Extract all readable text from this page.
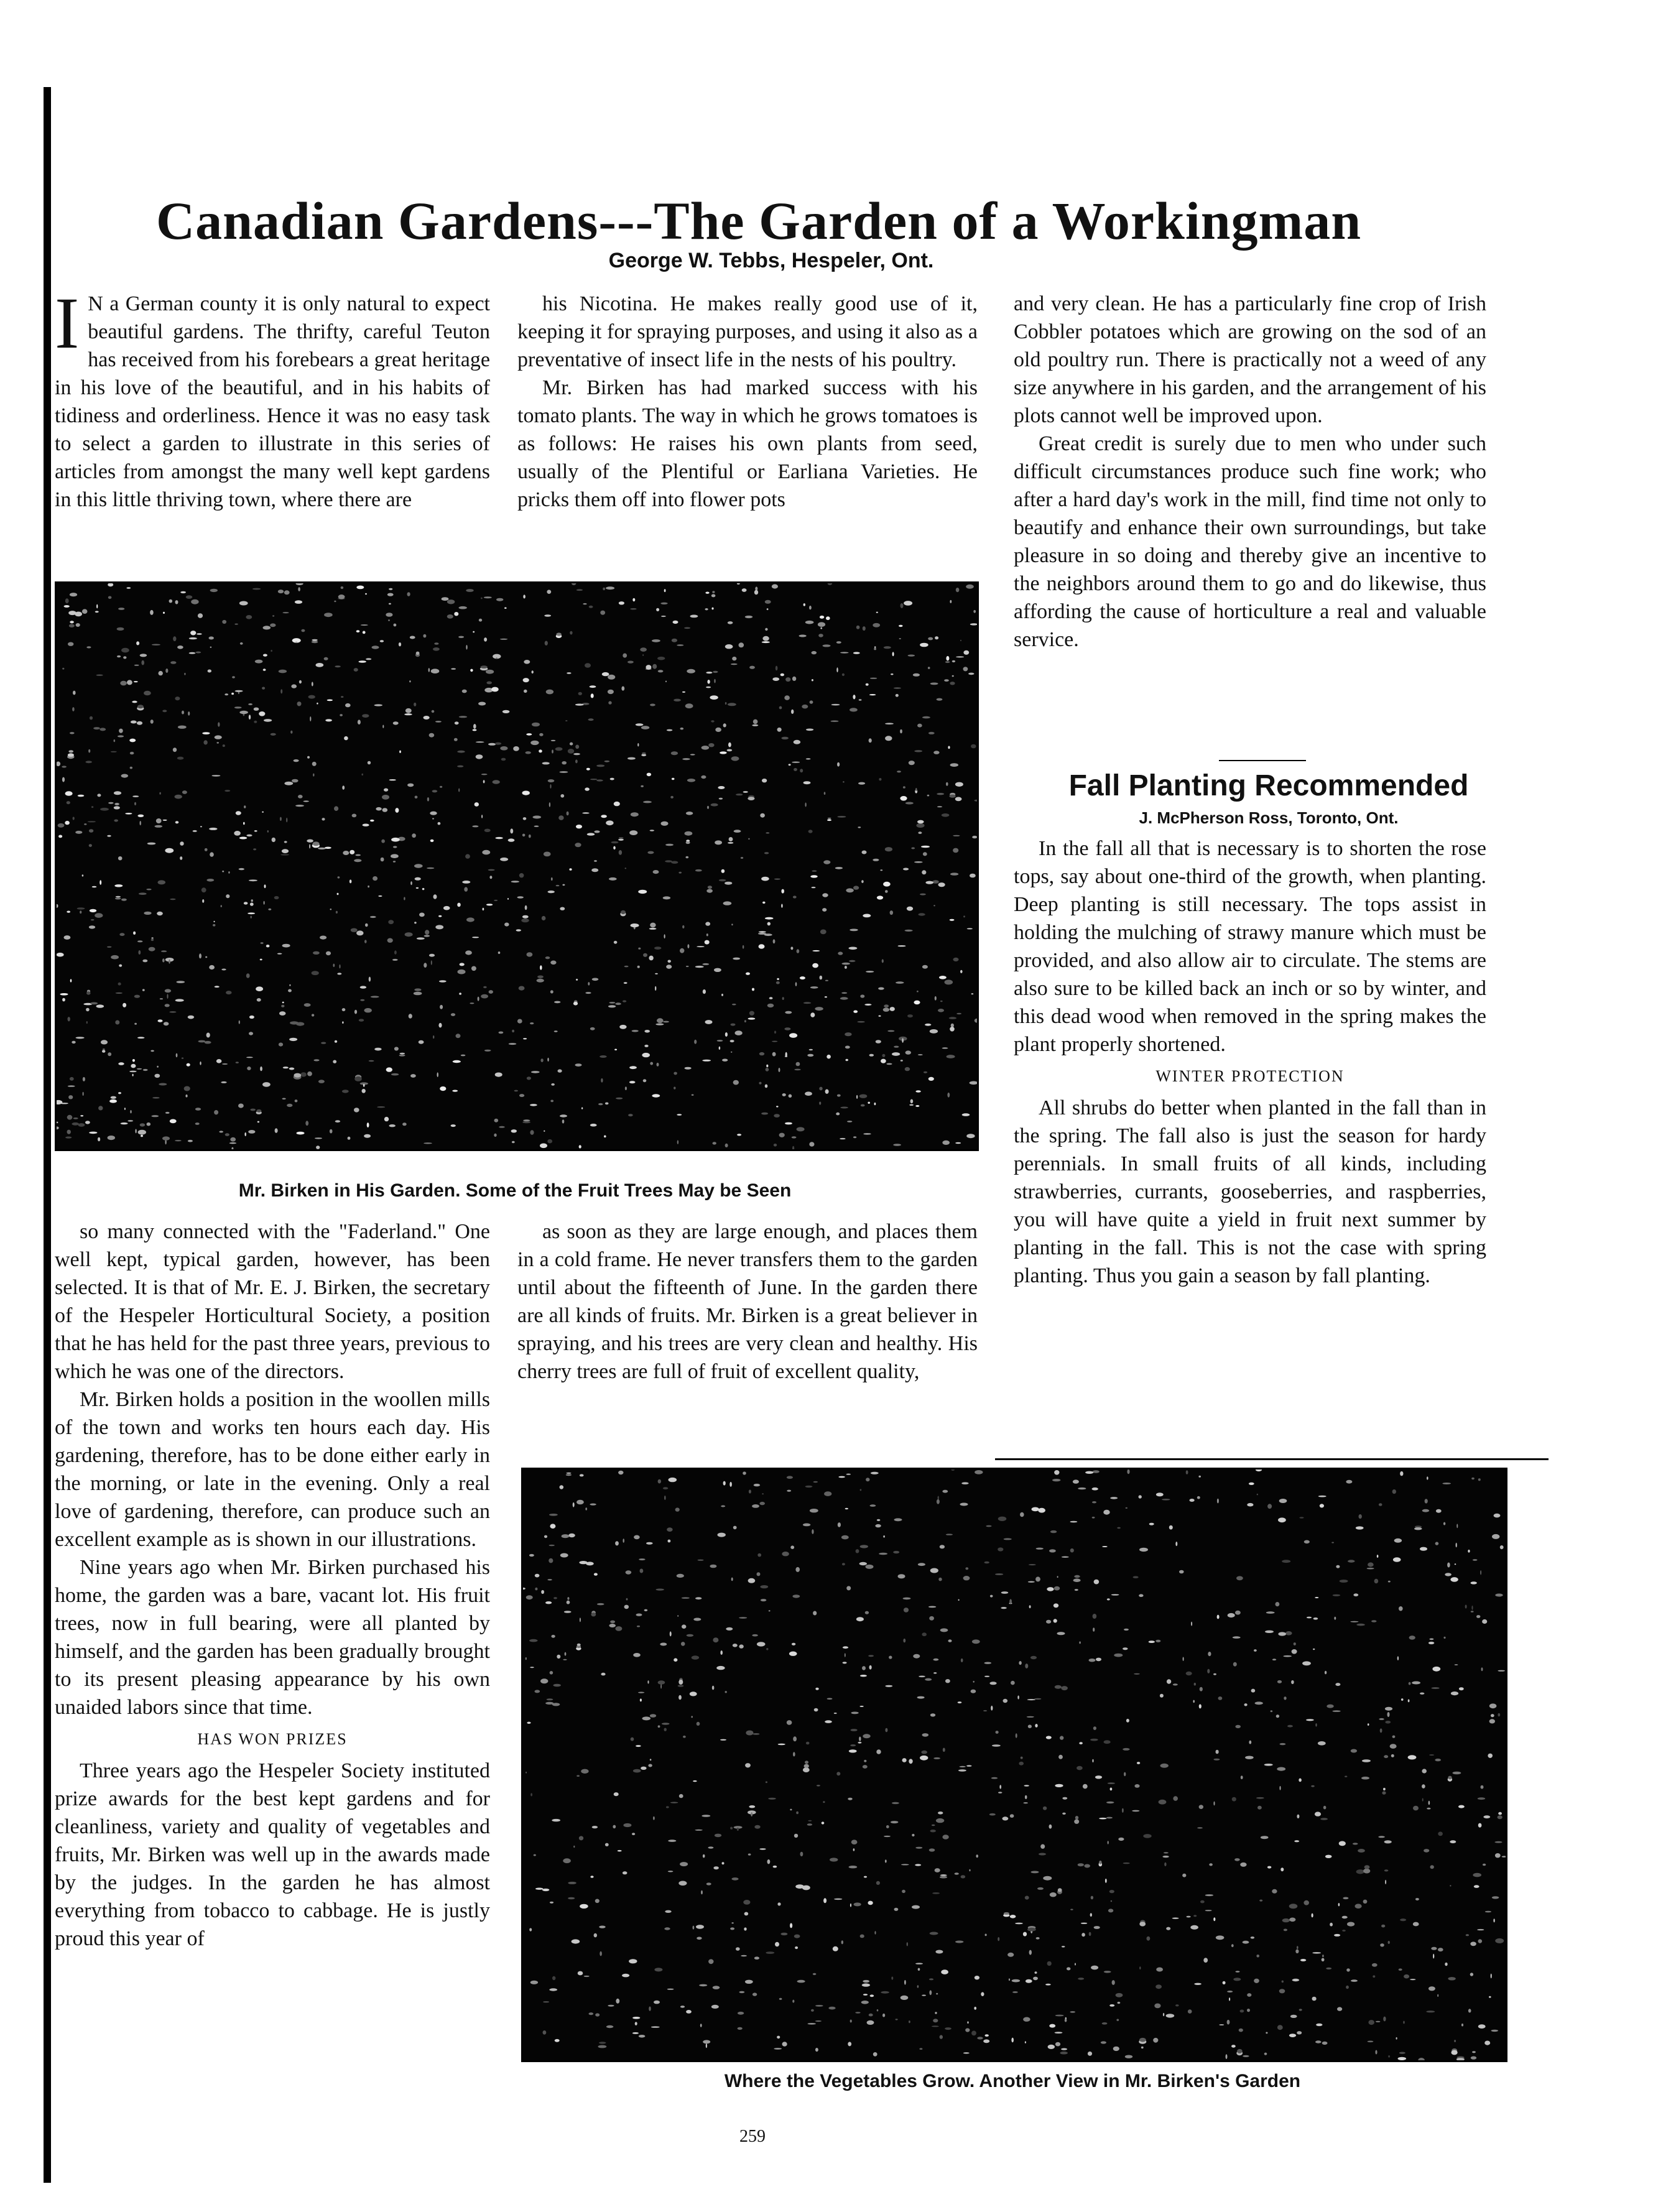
Canadian Gardens---The Garden of a Workingman
George W. Tebbs, Hespeler, Ont.

I N a German county it is only natural to expect beautiful gardens. The thrifty, careful Teuton has received from his forebears a great heritage in his love of the beautiful, and in his habits of tidiness and orderliness. Hence it was no easy task to select a garden to illustrate in this series of articles from amongst the many well kept gardens in this little thriving town, where there are

his Nicotina. He makes really good use of it, keeping it for spraying purposes, and using it also as a preventative of insect life in the nests of his poultry.

Mr. Birken has had marked success with his tomato plants. The way in which he grows tomatoes is as follows: He raises his own plants from seed, usually of the Plentiful or Earliana Varieties. He pricks them off into flower pots

and very clean. He has a particularly fine crop of Irish Cobbler potatoes which are growing on the sod of an old poultry run. There is practically not a weed of any size anywhere in his garden, and the arrangement of his plots cannot well be improved upon.

Great credit is surely due to men who under such difficult circumstances produce such fine work; who after a hard day's work in the mill, find time not only to beautify and enhance their own surroundings, but take pleasure in so doing and thereby give an incentive to the neighbors around them to go and do likewise, thus affording the cause of horticulture a real and valuable service.

Mr. Birken in His Garden. Some of the Fruit Trees May be Seen

so many connected with the "Faderland." One well kept, typical garden, however, has been selected. It is that of Mr. E. J. Birken, the secretary of the Hespeler Horticultural Society, a position that he has held for the past three years, previous to which he was one of the directors.

Mr. Birken holds a position in the woollen mills of the town and works ten hours each day. His gardening, therefore, has to be done either early in the morning, or late in the evening. Only a real love of gardening, therefore, can produce such an excellent example as is shown in our illustrations.

Nine years ago when Mr. Birken purchased his home, the garden was a bare, vacant lot. His fruit trees, now in full bearing, were all planted by himself, and the garden has been gradually brought to its present pleasing appearance by his own unaided labors since that time.

HAS WON PRIZES

Three years ago the Hespeler Society instituted prize awards for the best kept gardens and for cleanliness, variety and quality of vegetables and fruits, Mr. Birken was well up in the awards made by the judges. In the garden he has almost everything from tobacco to cabbage. He is justly proud this year of

as soon as they are large enough, and places them in a cold frame. He never transfers them to the garden until about the fifteenth of June. In the garden there are all kinds of fruits. Mr. Birken is a great believer in spraying, and his trees are very clean and healthy. His cherry trees are full of fruit of excellent quality,

Fall Planting Recommended
J. McPherson Ross, Toronto, Ont.

In the fall all that is necessary is to shorten the rose tops, say about one-third of the growth, when planting. Deep planting is still necessary. The tops assist in holding the mulching of strawy manure which must be provided, and also allow air to circulate. The stems are also sure to be killed back an inch or so by winter, and this dead wood when removed in the spring makes the plant properly shortened.

WINTER PROTECTION

All shrubs do better when planted in the fall than in the spring. The fall also is just the season for hardy perennials. In small fruits of all kinds, including strawberries, currants, gooseberries, and raspberries, you will have quite a yield in fruit next summer by planting in the fall. This is not the case with spring planting. Thus you gain a season by fall planting.

Where the Vegetables Grow. Another View in Mr. Birken's Garden
259
